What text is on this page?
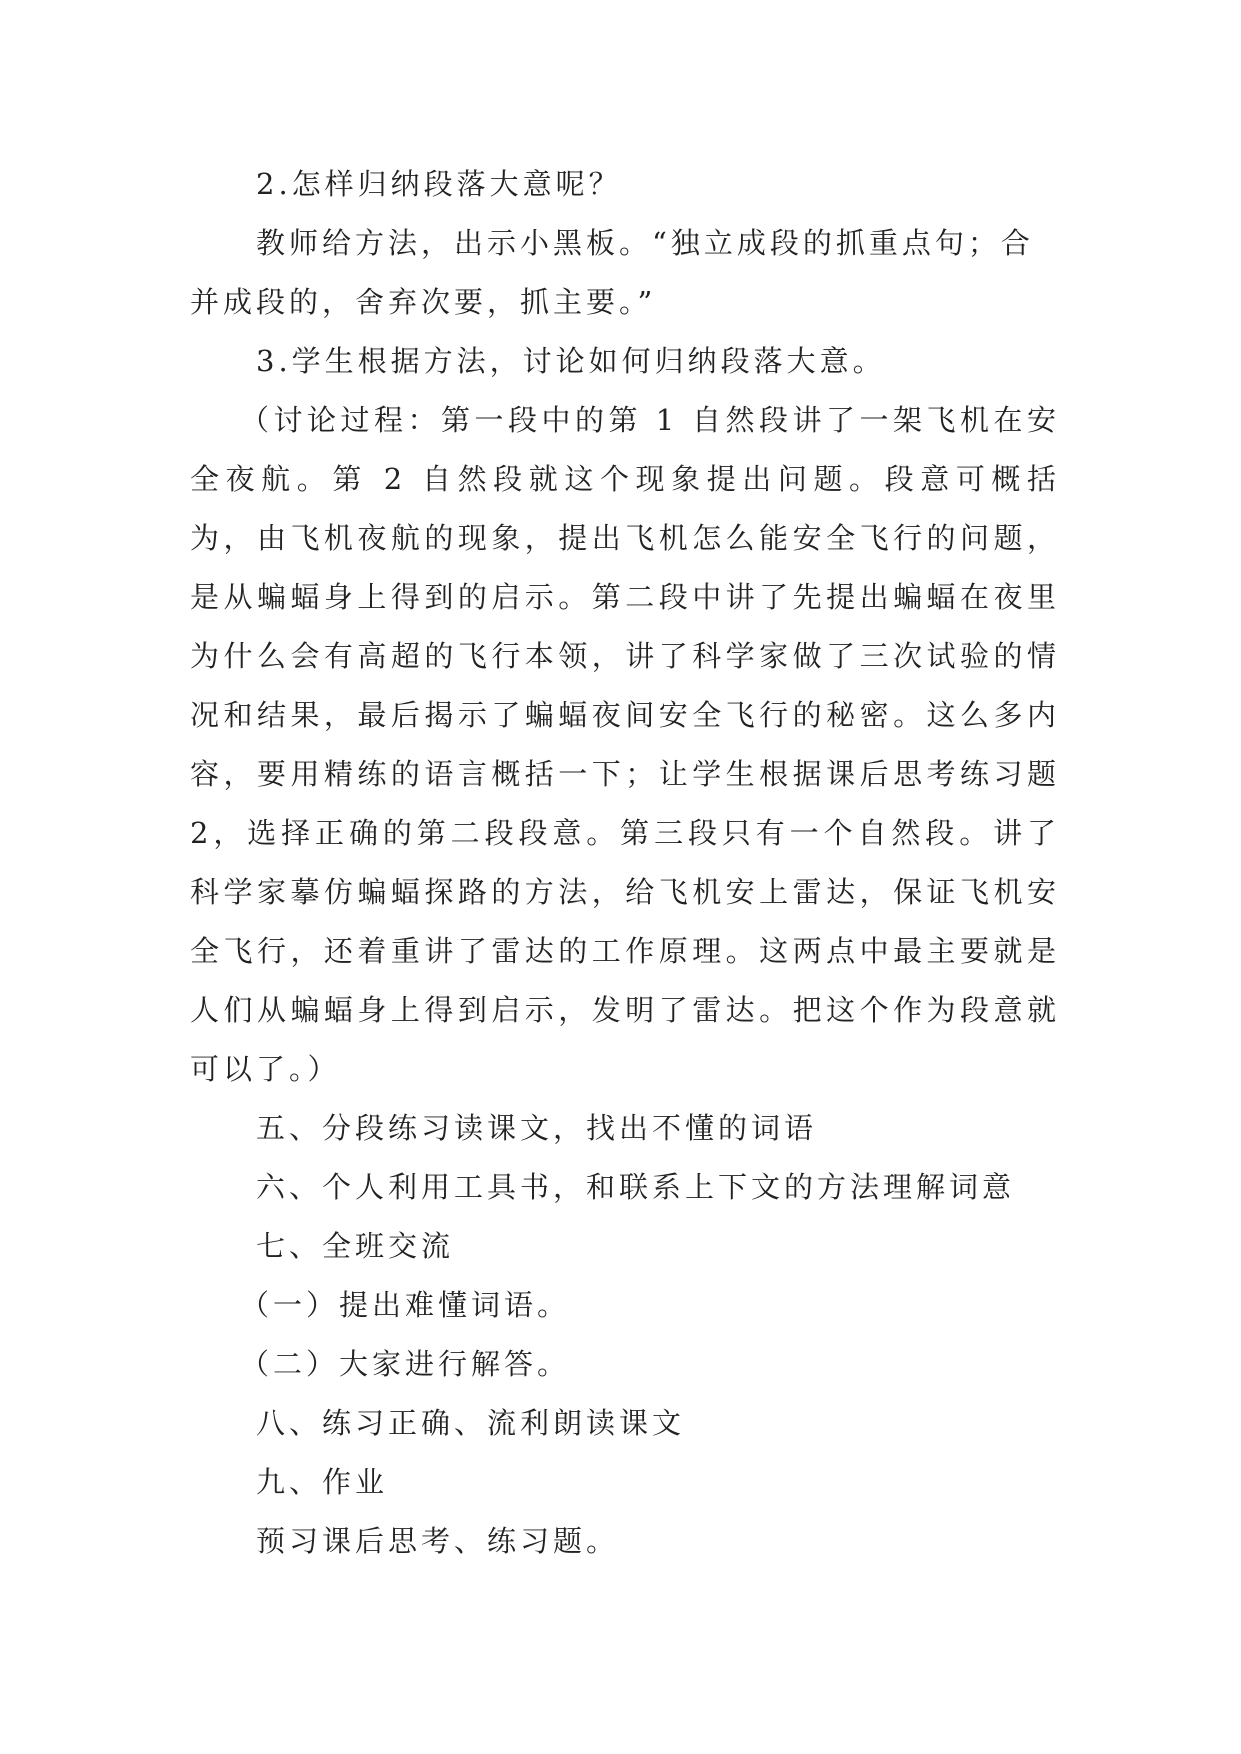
2.怎样归纳段落大意呢？

教师给方法，出示小黑板。“独立成段的抓重点句；合

并成段的，舍弃次要，抓主要。”

3.学生根据方法，讨论如何归纳段落大意。

（讨论过程：第一段中的第 1 自然段讲了一架飞机在安全夜航。第 2 自然段就这个现象提出问题。段意可概括为，由飞机夜航的现象，提出飞机怎么能安全飞行的问题，是从蝙蝠身上得到的启示。第二段中讲了先提出蝙蝠在夜里为什么会有高超的飞行本领，讲了科学家做了三次试验的情况和结果，最后揭示了蝙蝠夜间安全飞行的秘密。这么多内容，要用精练的语言概括一下；让学生根据课后思考练习题 2，选择正确的第二段段意。第三段只有一个自然段。讲了科学家摹仿蝙蝠探路的方法，给飞机安上雷达，保证飞机安全飞行，还着重讲了雷达的工作原理。这两点中最主要就是人们从蝙蝠身上得到启示，发明了雷达。把这个作为段意就可以了。）

五、分段练习读课文，找出不懂的词语

六、个人利用工具书，和联系上下文的方法理解词意

七、全班交流

（一）提出难懂词语。

（二）大家进行解答。

八、练习正确、流利朗读课文

九、作业

预习课后思考、练习题。
